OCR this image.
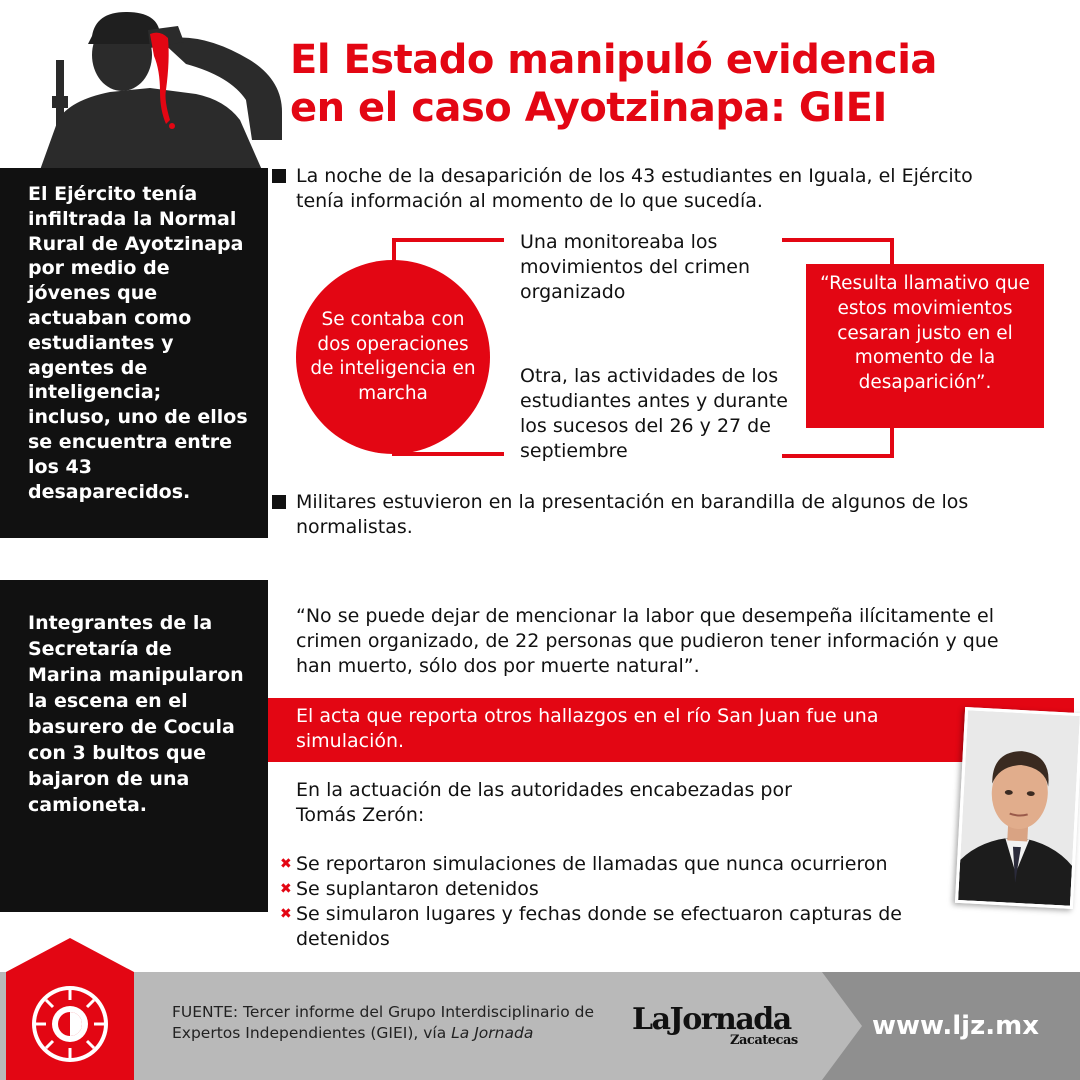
El Estado manipuló evidencia
en el caso Ayotzinapa: GIEI
El Ejército tenía infiltrada la Normal Rural de Ayotzinapa por medio de jóvenes que actuaban como estudiantes y agentes de inteligencia; incluso, uno de ellos se encuentra entre los 43 desaparecidos.
La noche de la desaparición de los 43 estudiantes en Iguala, el Ejército tenía información al momento de lo que sucedía.
Se contaba con dos operaciones de inteligencia en marcha
Una monitoreaba los movimientos del crimen organizado
Otra, las actividades de los estudiantes antes y durante los sucesos del 26 y 27 de septiembre
“Resulta llamativo que estos movimientos cesaran justo en el momento de la desaparición”.
Militares estuvieron en la presentación en barandilla de algunos de los normalistas.
Integrantes de la Secretaría de Marina manipularon la escena en el basurero de Cocula con 3 bultos que bajaron de una camioneta.
“No se puede dejar de mencionar la labor que desempeña ilícitamente el crimen organizado, de 22 personas que pudieron tener información y que han muerto, sólo dos por muerte natural”.
El acta que reporta otros hallazgos en el río San Juan fue una simulación.
En la actuación de las autoridades encabezadas por Tomás Zerón:
✖ Se reportaron simulaciones de llamadas que nunca ocurrieron
✖ Se suplantaron detenidos
✖ Se simularon lugares y fechas donde se efectuaron capturas de detenidos
FUENTE: Tercer informe del Grupo Interdisciplinario de Expertos Independientes (GIEI), vía La Jornada	LaJornada
Zacatecas	www.ljz.mx
